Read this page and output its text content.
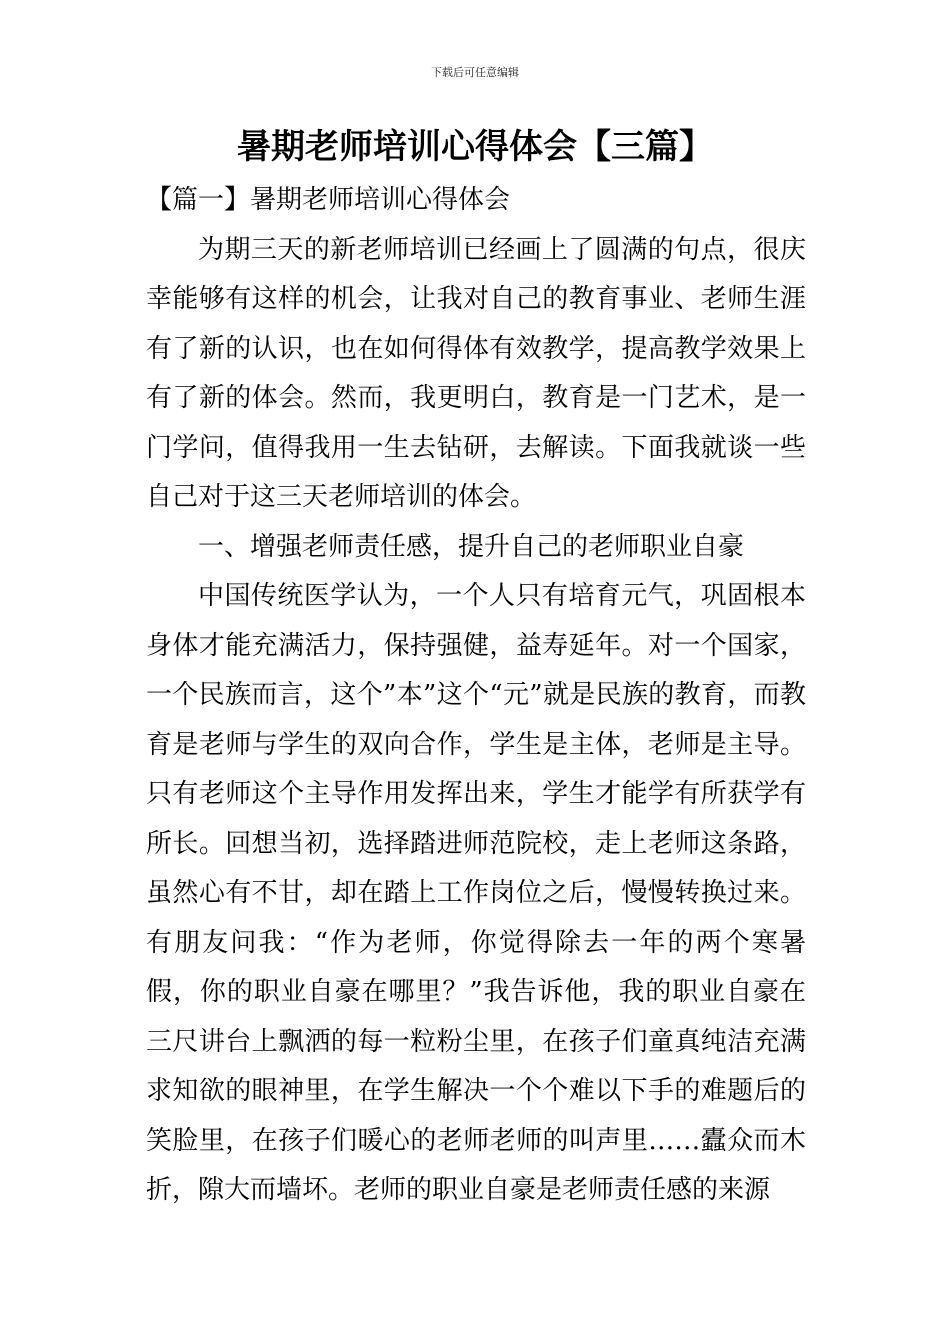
下载后可任意编辑
暑期老师培训心得体会【三篇】

【篇一】暑期老师培训心得体会

为期三天的新老师培训已经画上了圆满的句点，很庆幸能够有这样的机会，让我对自己的教育事业、老师生涯有了新的认识，也在如何得体有效教学，提高教学效果上有了新的体会。然而，我更明白，教育是一门艺术，是一门学问，值得我用一生去钻研，去解读。下面我就谈一些自己对于这三天老师培训的体会。

一、增强老师责任感，提升自己的老师职业自豪

中国传统医学认为，一个人只有培育元气，巩固根本身体才能充满活力，保持强健，益寿延年。对一个国家，一个民族而言，这个”本”这个“元”就是民族的教育，而教育是老师与学生的双向合作，学生是主体，老师是主导。只有老师这个主导作用发挥出来，学生才能学有所获学有所长。回想当初，选择踏进师范院校，走上老师这条路，虽然心有不甘，却在踏上工作岗位之后，慢慢转换过来。有朋友问我：“作为老师，你觉得除去一年的两个寒暑假，你的职业自豪在哪里？”我告诉他，我的职业自豪在三尺讲台上飘洒的每一粒粉尘里，在孩子们童真纯洁充满求知欲的眼神里，在学生解决一个个难以下手的难题后的笑脸里，在孩子们暖心的老师老师的叫声里……蠹众而木折，隙大而墙坏。老师的职业自豪是老师责任感的来源
